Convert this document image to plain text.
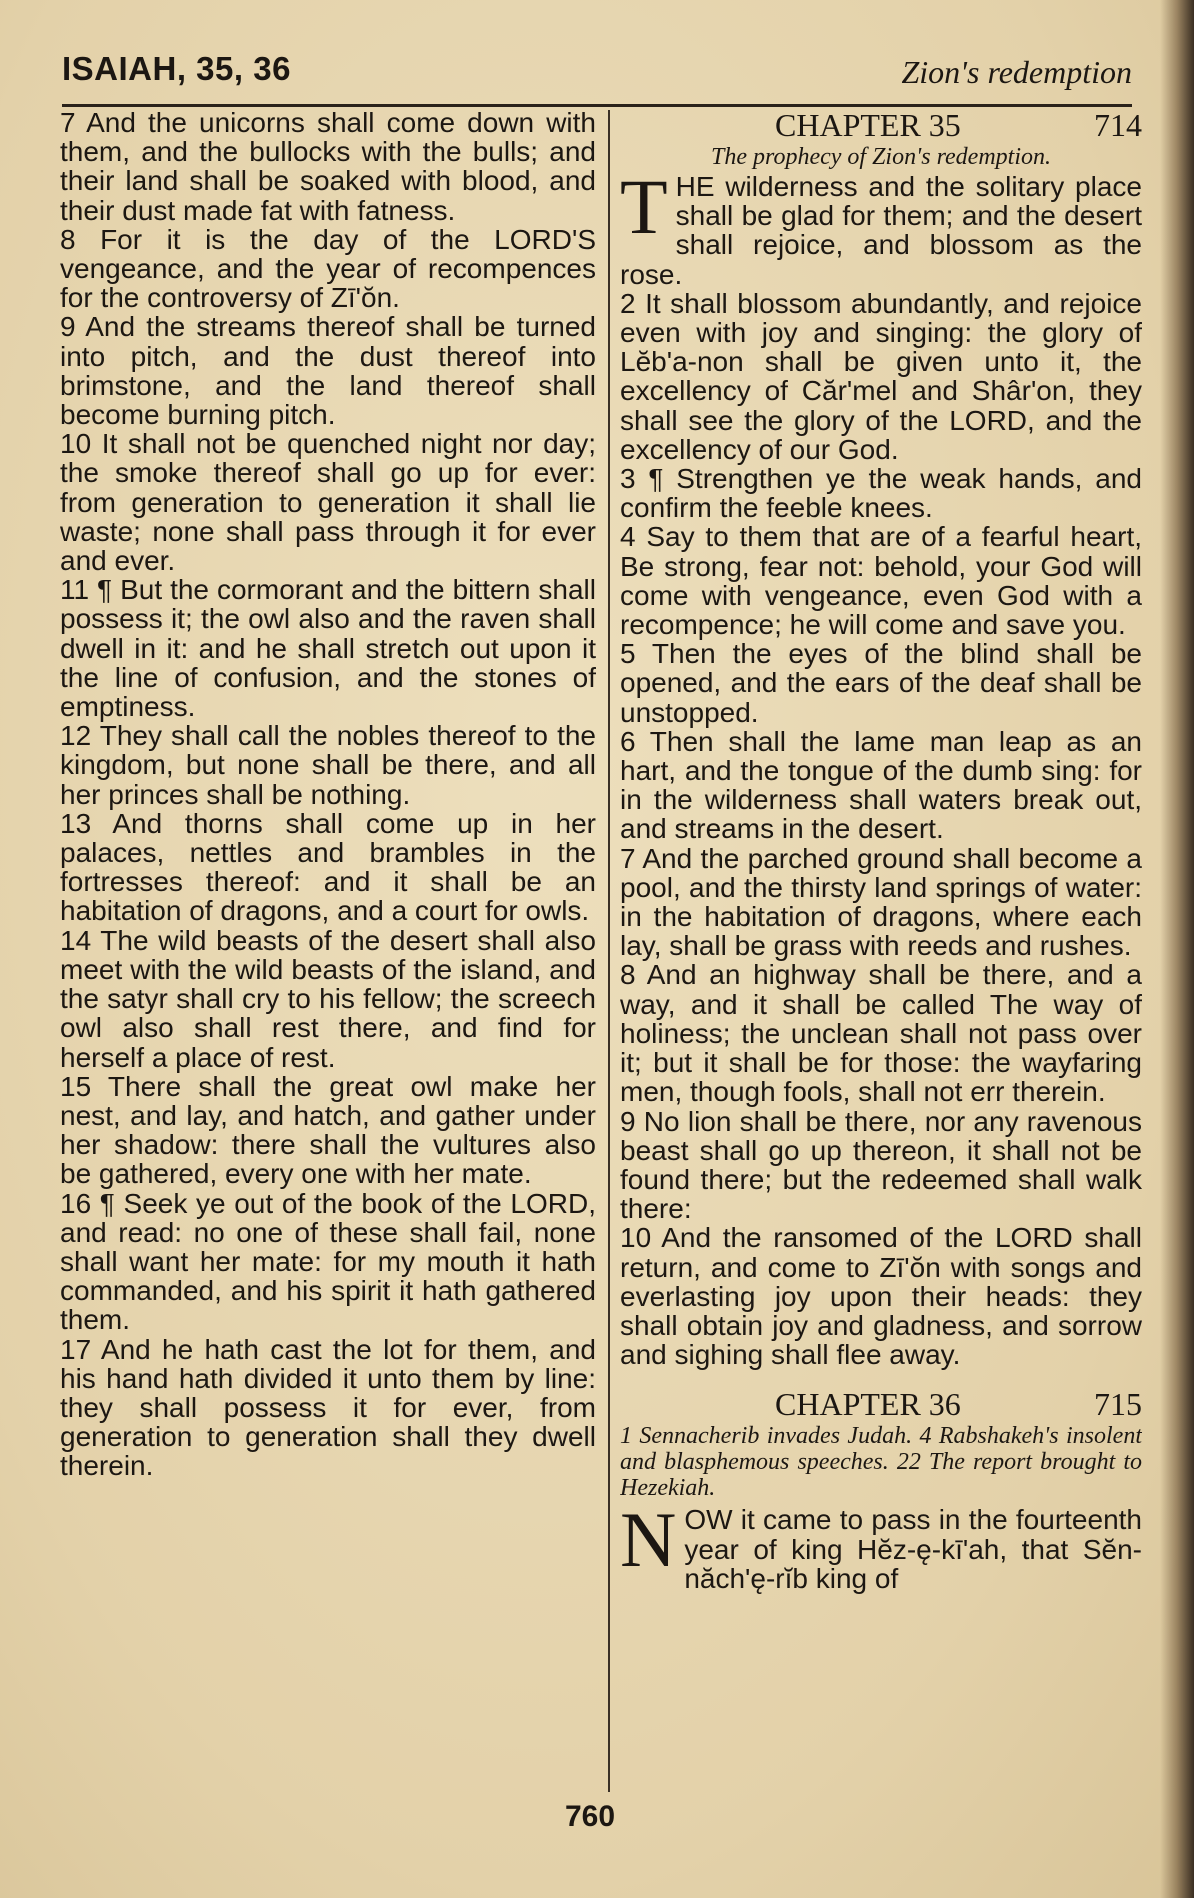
ISAIAH, 35, 36	Zion's redemption

7 And the unicorns shall come down with them, and the bullocks with the bulls; and their land shall be soaked with blood, and their dust made fat with fatness.

8 For it is the day of the LORD'S vengeance, and the year of recompences for the controversy of Zī'ŏn.

9 And the streams thereof shall be turned into pitch, and the dust thereof into brimstone, and the land thereof shall become burning pitch.

10 It shall not be quenched night nor day; the smoke thereof shall go up for ever: from generation to generation it shall lie waste; none shall pass through it for ever and ever.

11 ¶ But the cormorant and the bittern shall possess it; the owl also and the raven shall dwell in it: and he shall stretch out upon it the line of confusion, and the stones of emptiness.

12 They shall call the nobles thereof to the kingdom, but none shall be there, and all her princes shall be nothing.

13 And thorns shall come up in her palaces, nettles and brambles in the fortresses thereof: and it shall be an habitation of dragons, and a court for owls.

14 The wild beasts of the desert shall also meet with the wild beasts of the island, and the satyr shall cry to his fellow; the screech owl also shall rest there, and find for herself a place of rest.

15 There shall the great owl make her nest, and lay, and hatch, and gather under her shadow: there shall the vultures also be gathered, every one with her mate.

16 ¶ Seek ye out of the book of the LORD, and read: no one of these shall fail, none shall want her mate: for my mouth it hath commanded, and his spirit it hath gathered them.

17 And he hath cast the lot for them, and his hand hath divided it unto them by line: they shall possess it for ever, from generation to generation shall they dwell therein.

CHAPTER 35	714
The prophecy of Zion's redemption.

THE wilderness and the solitary place shall be glad for them; and the desert shall rejoice, and blossom as the rose.

2 It shall blossom abundantly, and rejoice even with joy and singing: the glory of Lĕb'a-non shall be given unto it, the excellency of Căr'mel and Shâr'on, they shall see the glory of the LORD, and the excellency of our God.

3 ¶ Strengthen ye the weak hands, and confirm the feeble knees.

4 Say to them that are of a fearful heart, Be strong, fear not: behold, your God will come with vengeance, even God with a recompence; he will come and save you.

5 Then the eyes of the blind shall be opened, and the ears of the deaf shall be unstopped.

6 Then shall the lame man leap as an hart, and the tongue of the dumb sing: for in the wilderness shall waters break out, and streams in the desert.

7 And the parched ground shall become a pool, and the thirsty land springs of water: in the habitation of dragons, where each lay, shall be grass with reeds and rushes.

8 And an highway shall be there, and a way, and it shall be called The way of holiness; the unclean shall not pass over it; but it shall be for those: the wayfaring men, though fools, shall not err therein.

9 No lion shall be there, nor any ravenous beast shall go up thereon, it shall not be found there; but the redeemed shall walk there:

10 And the ransomed of the LORD shall return, and come to Zī'ŏn with songs and everlasting joy upon their heads: they shall obtain joy and gladness, and sorrow and sighing shall flee away.

CHAPTER 36	715
1 Sennacherib invades Judah. 4 Rabshakeh's insolent and blasphemous speeches. 22 The report brought to Hezekiah.

NOW it came to pass in the fourteenth year of king Hĕz-ę-kī'ah, that Sĕn-năch'ę-rĭb king of

760
